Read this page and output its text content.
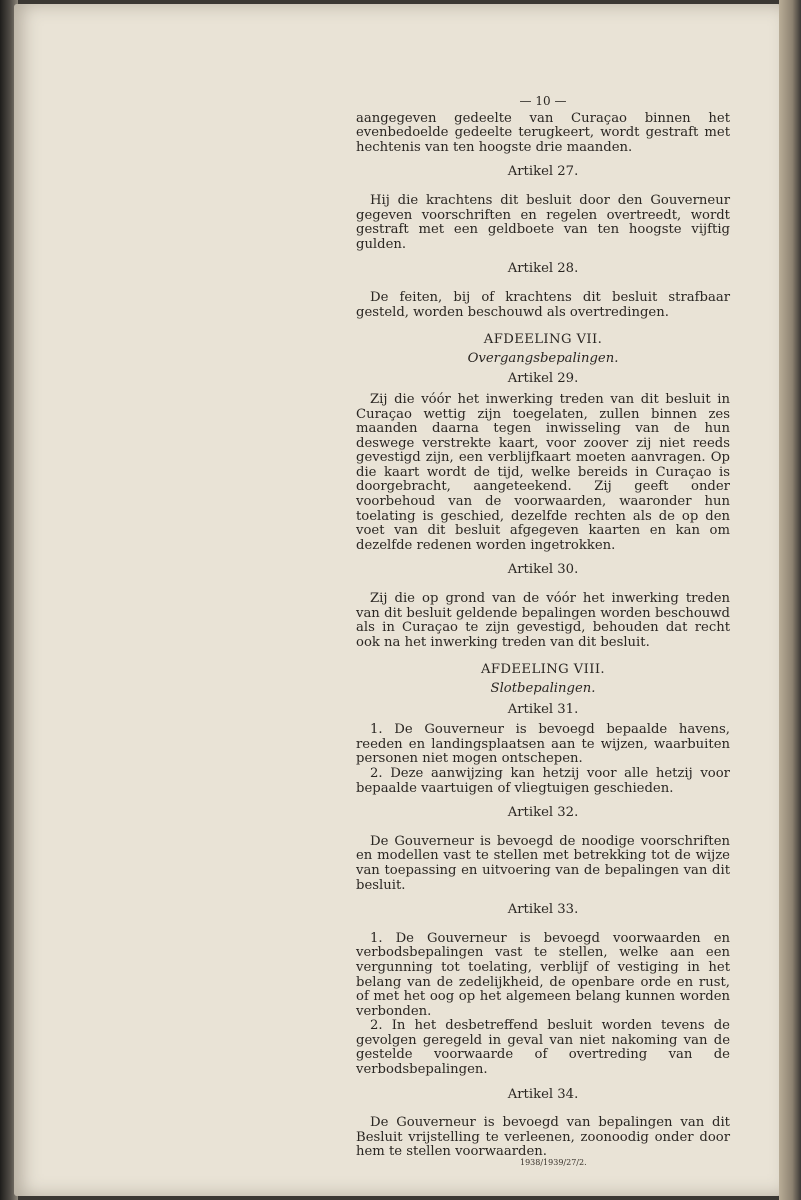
— 10 —

aangegeven gedeelte van Curaçao binnen het evenbedoelde gedeelte terugkeert, wordt gestraft met hechtenis van ten hoogste drie maanden.

Artikel 27.

Hij die krachtens dit besluit door den Gouverneur gegeven voorschriften en regelen overtreedt, wordt gestraft met een geldboete van ten hoogste vijftig gulden.

Artikel 28.

De feiten, bij of krachtens dit besluit strafbaar gesteld, worden beschouwd als overtredingen.

AFDEELING VII.
Overgangsbepalingen.
Artikel 29.

Zij die vóór het inwerking treden van dit besluit in Curaçao wettig zijn toegelaten, zullen binnen zes maanden daarna tegen inwisseling van de hun deswege verstrekte kaart, voor zoover zij niet reeds gevestigd zijn, een verblijfkaart moeten aanvragen. Op die kaart wordt de tijd, welke bereids in Curaçao is doorgebracht, aangeteekend. Zij geeft onder voorbehoud van de voorwaarden, waaronder hun toelating is geschied, dezelfde rechten als de op den voet van dit besluit afgegeven kaarten en kan om dezelfde redenen worden ingetrokken.

Artikel 30.

Zij die op grond van de vóór het inwerking treden van dit besluit geldende bepalingen worden beschouwd als in Curaçao te zijn gevestigd, behouden dat recht ook na het inwerking treden van dit besluit.

AFDEELING VIII.
Slotbepalingen.
Artikel 31.

1. De Gouverneur is bevoegd bepaalde havens, reeden en landingsplaatsen aan te wijzen, waarbuiten personen niet mogen ontschepen.

2. Deze aanwijzing kan hetzij voor alle hetzij voor bepaalde vaartuigen of vliegtuigen geschieden.

Artikel 32.

De Gouverneur is bevoegd de noodige voorschriften en modellen vast te stellen met betrekking tot de wijze van toepassing en uitvoering van de bepalingen van dit besluit.

Artikel 33.

1. De Gouverneur is bevoegd voorwaarden en verbodsbepalingen vast te stellen, welke aan een vergunning tot toelating, verblijf of vestiging in het belang van de zedelijkheid, de openbare orde en rust, of met het oog op het algemeen belang kunnen worden verbonden.

2. In het desbetreffend besluit worden tevens de gevolgen geregeld in geval van niet nakoming van de gestelde voorwaarde of overtreding van de verbodsbepalingen.

Artikel 34.

De Gouverneur is bevoegd van bepalingen van dit Besluit vrijstelling te verleenen, zoonoodig onder door hem te stellen voorwaarden.

1938/1939/27/2.
